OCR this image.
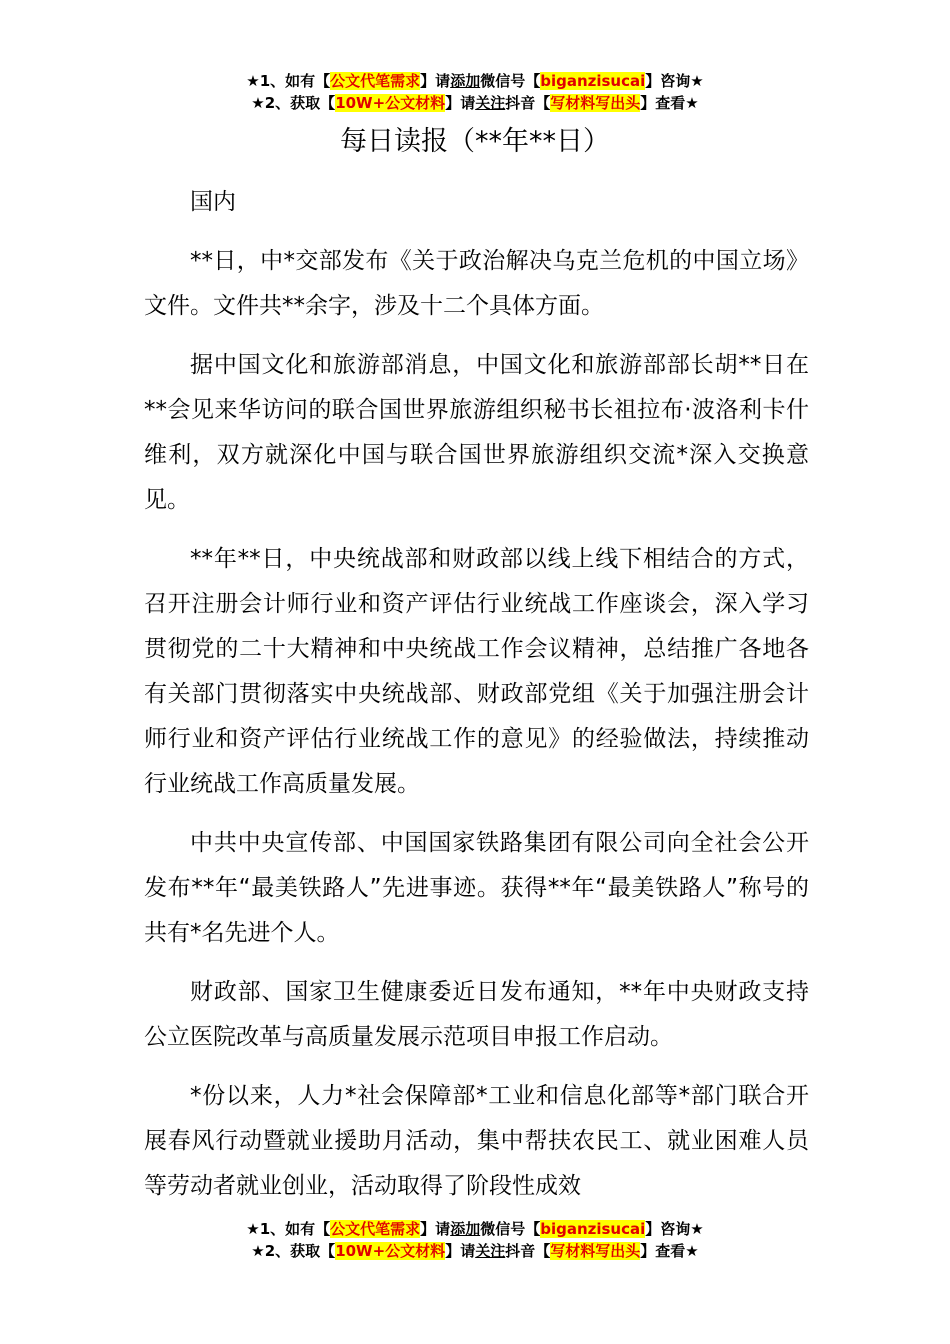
★1、如有【公文代笔需求】请添加微信号【biganzisucai】咨询★
★2、获取【10W+公文材料】请关注抖音【写材料写出头】查看★
每日读报（**年**日）

国内

**日，中*交部发布《关于政治解决乌克兰危机的中国立场》文件。文件共**余字，涉及十二个具体方面。

据中国文化和旅游部消息，中国文化和旅游部部长胡**日在**会见来华访问的联合国世界旅游组织秘书长祖拉布·波洛利卡什维利，双方就深化中国与联合国世界旅游组织交流*深入交换意见。

**年**日，中央统战部和财政部以线上线下相结合的方式，召开注册会计师行业和资产评估行业统战工作座谈会，深入学习贯彻党的二十大精神和中央统战工作会议精神，总结推广各地各有关部门贯彻落实中央统战部、财政部党组《关于加强注册会计师行业和资产评估行业统战工作的意见》的经验做法，持续推动行业统战工作高质量发展。

中共中央宣传部、中国国家铁路集团有限公司向全社会公开发布**年“最美铁路人”先进事迹。获得**年“最美铁路人”称号的共有*名先进个人。

财政部、国家卫生健康委近日发布通知，**年中央财政支持公立医院改革与高质量发展示范项目申报工作启动。

*份以来，人力*社会保障部*工业和信息化部等*部门联合开展春风行动暨就业援助月活动，集中帮扶农民工、就业困难人员等劳动者就业创业，活动取得了阶段性成效

★1、如有【公文代笔需求】请添加微信号【biganzisucai】咨询★
★2、获取【10W+公文材料】请关注抖音【写材料写出头】查看★
